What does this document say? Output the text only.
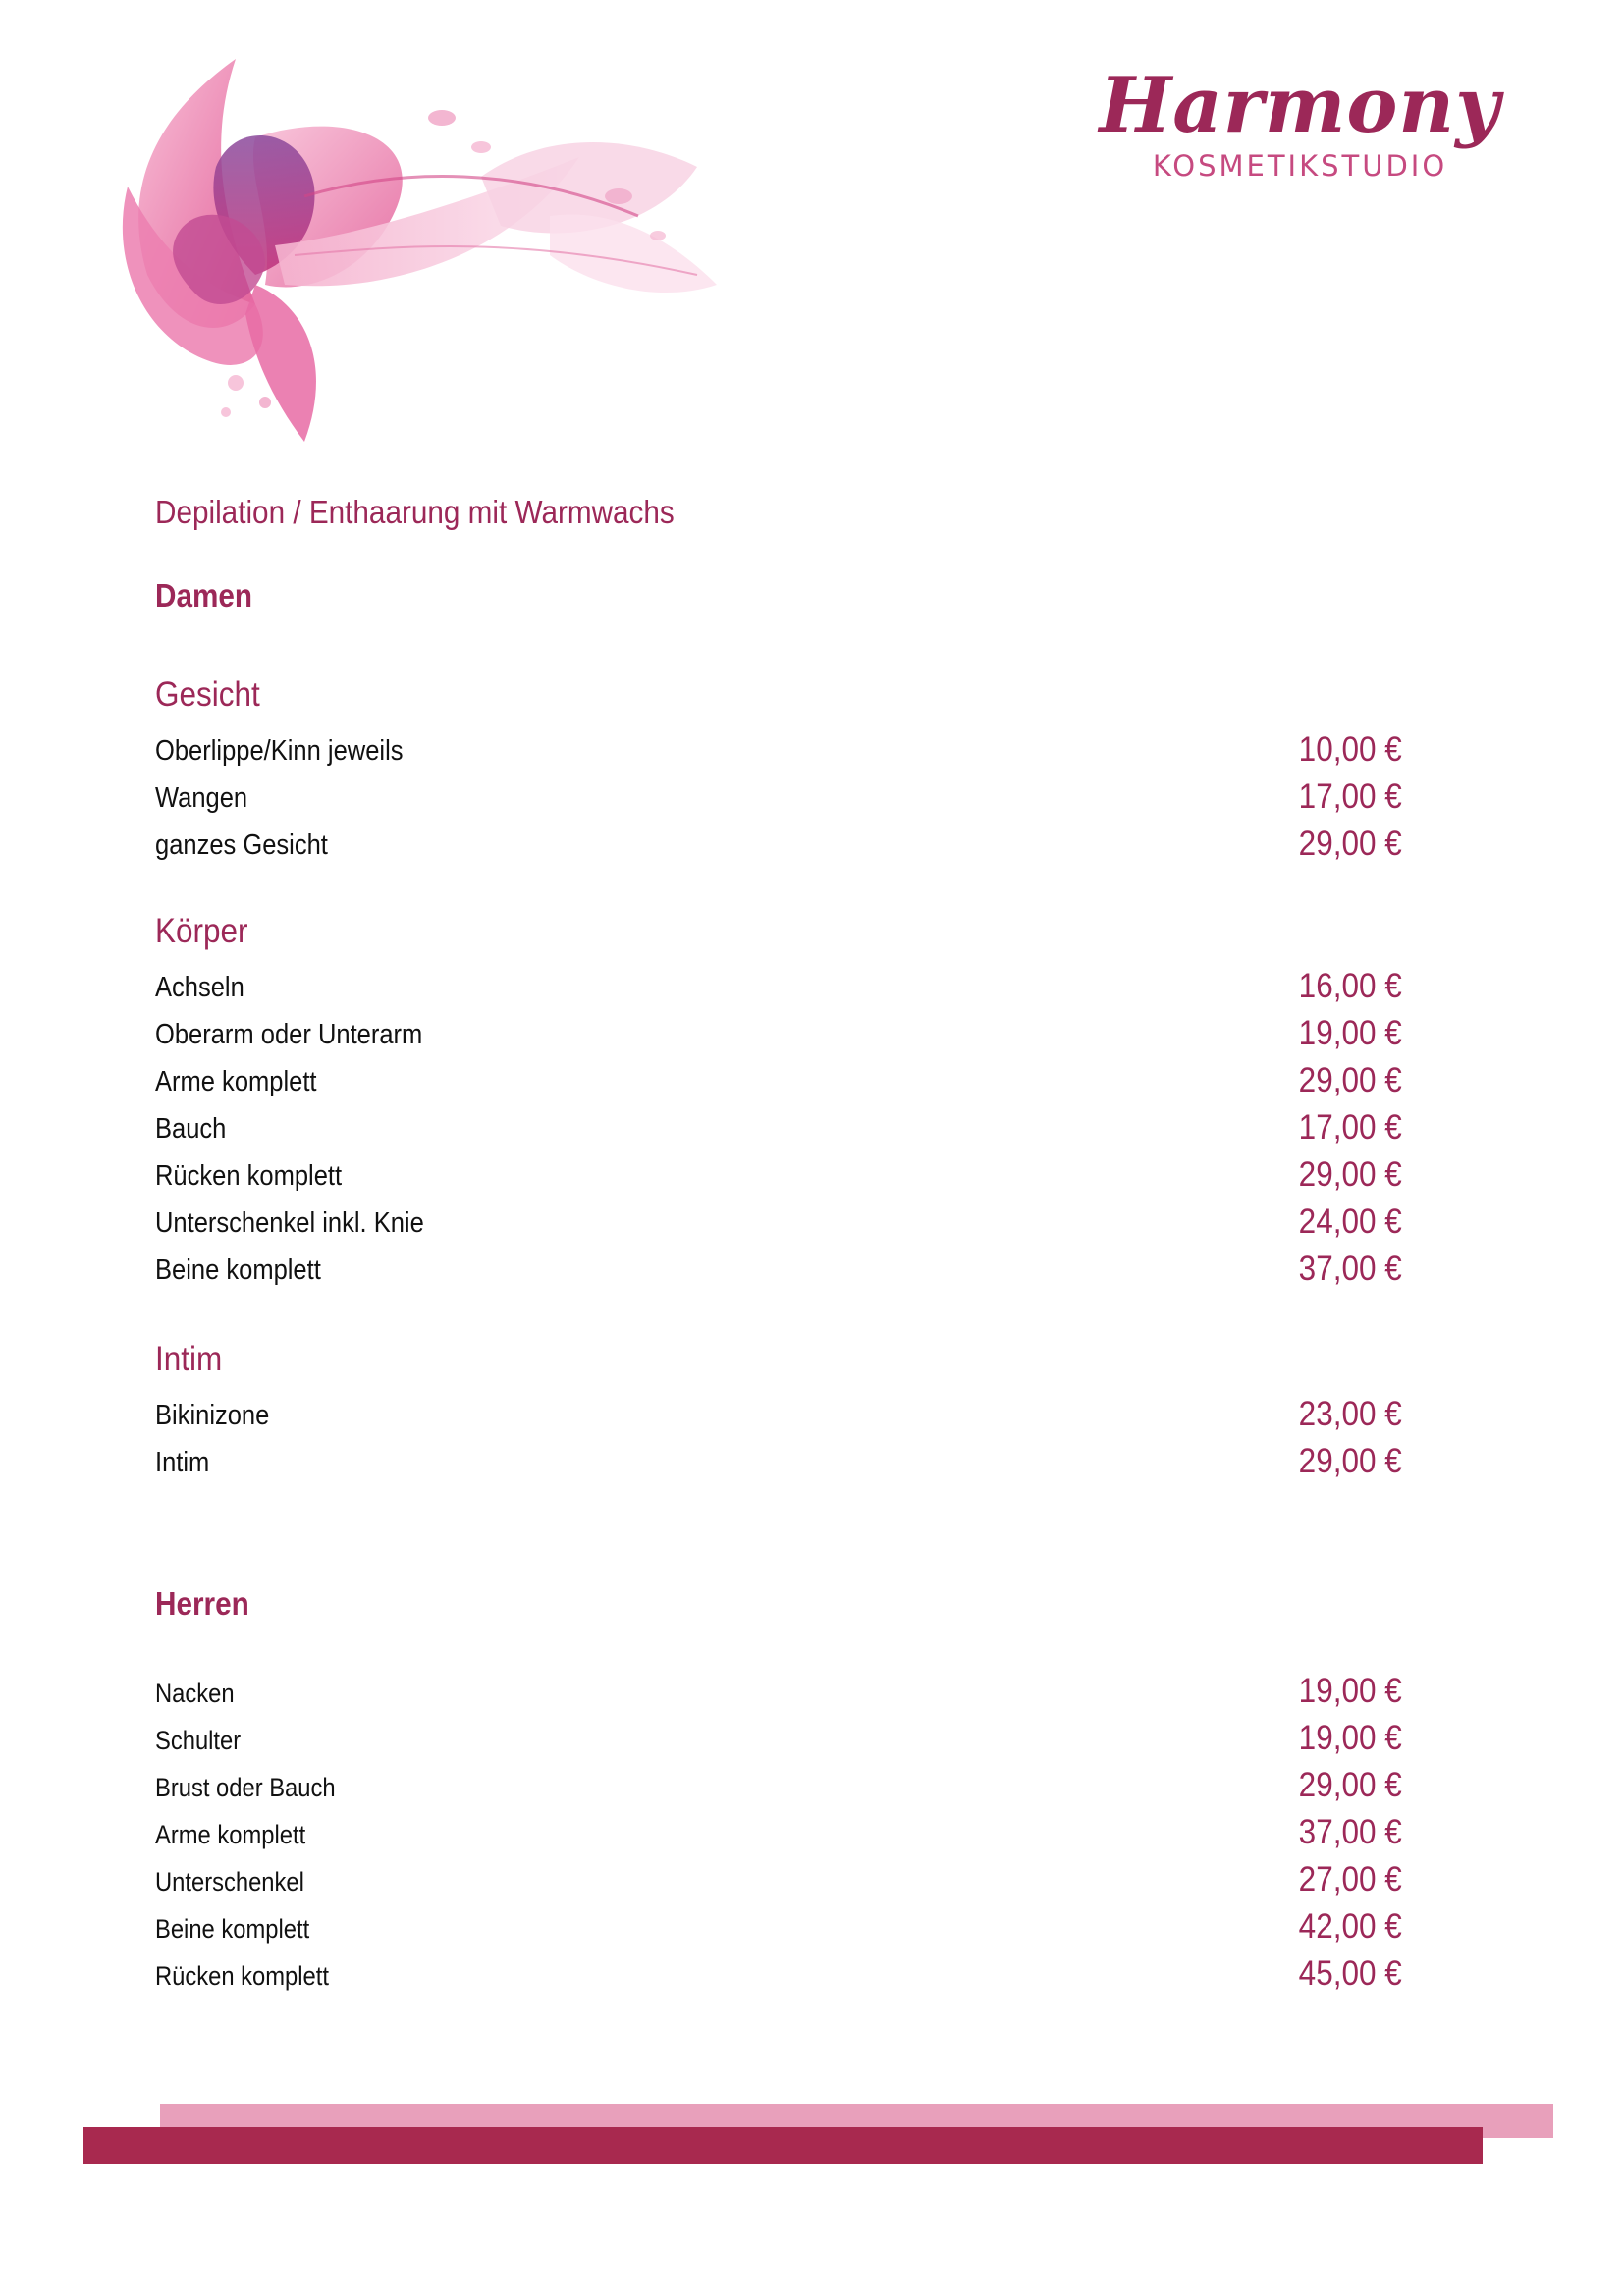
Harmony
KOSMETIKSTUDIO
Depilation / Enthaarung mit Warmwachs
Damen
Gesicht
Oberlippe/Kinn jeweils	10,00 €
Wangen	17,00 €
ganzes Gesicht	29,00 €
Körper
Achseln	16,00 €
Oberarm oder Unterarm	19,00 €
Arme komplett	29,00 €
Bauch	17,00 €
Rücken komplett	29,00 €
Unterschenkel inkl. Knie	24,00 €
Beine komplett	37,00 €
Intim
Bikinizone	23,00 €
Intim	29,00 €
Herren
Nacken	19,00 €
Schulter	19,00 €
Brust oder Bauch	29,00 €
Arme komplett	37,00 €
Unterschenkel	27,00 €
Beine komplett	42,00 €
Rücken komplett	45,00 €
